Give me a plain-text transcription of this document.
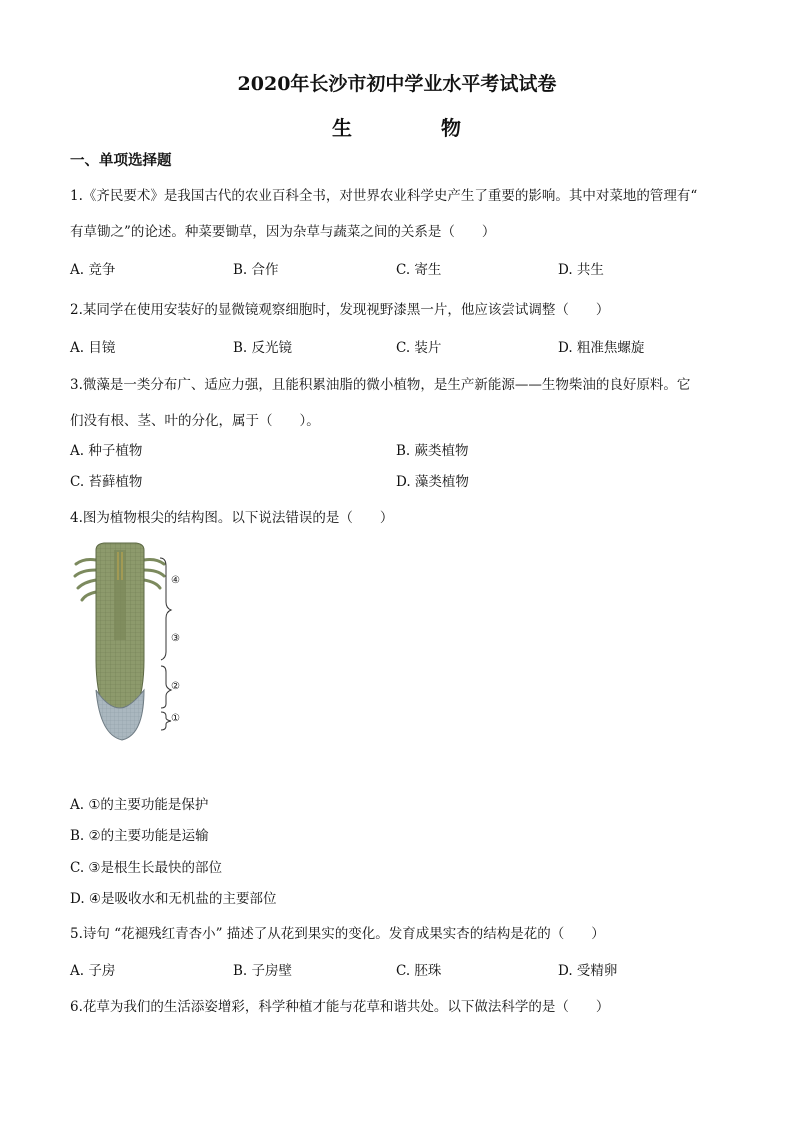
2020年长沙市初中学业水平考试试卷
生	物
一、单项选择题
1.《齐民要术》是我国古代的农业百科全书，对世界农业科学史产生了重要的影响。其中对菜地的管理有“
有草锄之”的论述。种菜要锄草，因为杂草与蔬菜之间的关系是（　　）
A. 竞争	B. 合作	C. 寄生	D. 共生
2.某同学在使用安装好的显微镜观察细胞时，发现视野漆黑一片，他应该尝试调整（　　）
A. 目镜	B. 反光镜	C. 装片	D. 粗准焦螺旋
3.微藻是一类分布广、适应力强，且能积累油脂的微小植物，是生产新能源——生物柴油的良好原料。它
们没有根、茎、叶的分化，属于（　　）。
A. 种子植物	B. 蕨类植物
C. 苔藓植物	D. 藻类植物
4.图为植物根尖的结构图。以下说法错误的是（　　）
④
③
②
①
A. ①的主要功能是保护
B. ②的主要功能是运输
C. ③是根生长最快的部位
D. ④是吸收水和无机盐的主要部位
5.诗句 “花褪残红青杏小” 描述了从花到果实的变化。发育成果实杏的结构是花的（　　）
A. 子房	B. 子房壁	C. 胚珠	D. 受精卵
6.花草为我们的生活添姿增彩，科学种植才能与花草和谐共处。以下做法科学的是（　　）
